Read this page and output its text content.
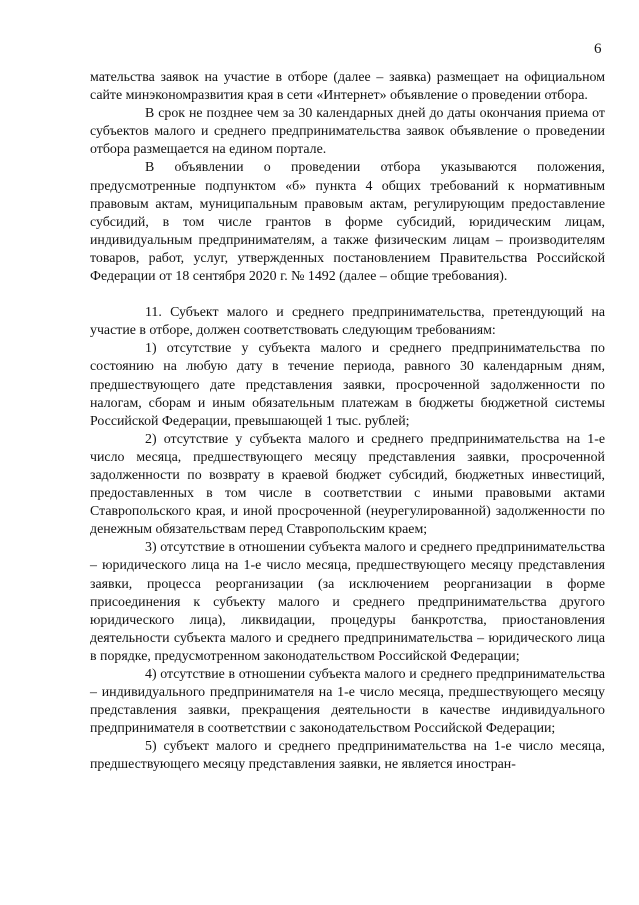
6

мательства заявок на участие в отборе (далее – заявка) размещает на официальном сайте минэкономразвития края в сети «Интернет» объявление о проведении отбора.

В срок не позднее чем за 30 календарных дней до даты окончания приема от субъектов малого и среднего предпринимательства заявок объявление о проведении отбора размещается на едином портале.

В объявлении о проведении отбора указываются положения, предусмотренные подпунктом «б» пункта 4 общих требований к нормативным правовым актам, муниципальным правовым актам, регулирующим предоставление субсидий, в том числе грантов в форме субсидий, юридическим лицам, индивидуальным предпринимателям, а также физическим лицам – производителям товаров, работ, услуг, утвержденных постановлением Правительства Российской Федерации от 18 сентября 2020 г. № 1492 (далее – общие требования).

11. Субъект малого и среднего предпринимательства, претендующий на участие в отборе, должен соответствовать следующим требованиям:

1) отсутствие у субъекта малого и среднего предпринимательства по состоянию на любую дату в течение периода, равного 30 календарным дням, предшествующего дате представления заявки, просроченной задолженности по налогам, сборам и иным обязательным платежам в бюджеты бюджетной системы Российской Федерации, превышающей 1 тыс. рублей;

2) отсутствие у субъекта малого и среднего предпринимательства на 1-е число месяца, предшествующего месяцу представления заявки, просроченной задолженности по возврату в краевой бюджет субсидий, бюджетных инвестиций, предоставленных в том числе в соответствии с иными правовыми актами Ставропольского края, и иной просроченной (неурегулированной) задолженности по денежным обязательствам перед Ставропольским краем;

3) отсутствие в отношении субъекта малого и среднего предпринимательства – юридического лица на 1-е число месяца, предшествующего месяцу представления заявки, процесса реорганизации (за исключением реорганизации в форме присоединения к субъекту малого и среднего предпринимательства другого юридического лица), ликвидации, процедуры банкротства, приостановления деятельности субъекта малого и среднего предпринимательства – юридического лица в порядке, предусмотренном законодательством Российской Федерации;

4) отсутствие в отношении субъекта малого и среднего предпринимательства – индивидуального предпринимателя на 1-е число месяца, предшествующего месяцу представления заявки, прекращения деятельности в качестве индивидуального предпринимателя в соответствии с законодательством Российской Федерации;

5) субъект малого и среднего предпринимательства на 1-е число месяца, предшествующего месяцу представления заявки, не является иностран-
